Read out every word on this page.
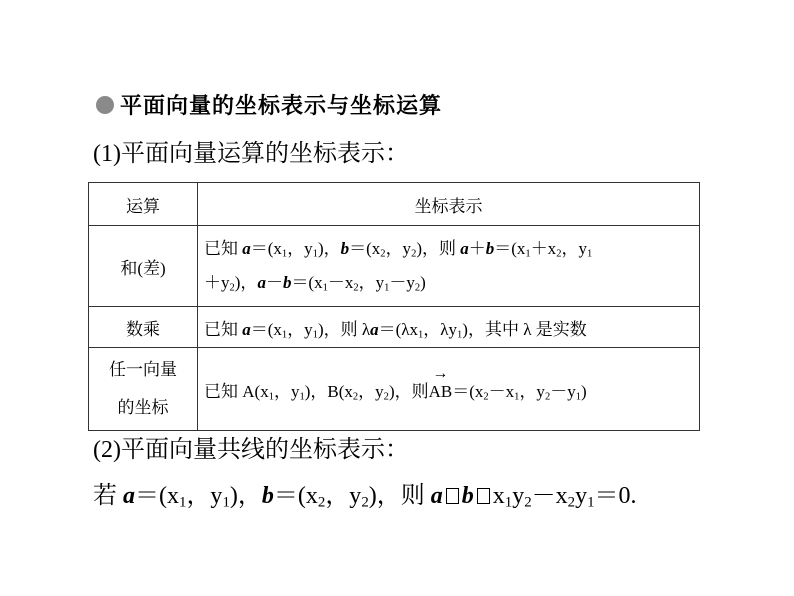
平面向量的坐标表示与坐标运算
(1)平面向量运算的坐标表示：
运算	坐标表示
和(差)	已知 $a=(x_1$，$y_1$)，$b=(x_2$，$y_2$)，则 $a+b=(x_1+x_2$，$y_1$
$+y_2$)，$a-b=(x_1-x_2$，$y_1-y_2$)

数乘	已知 $a=(x_1$，$y_1$)，则 $\lambda a=(\lambda x_1$，$\lambda y_1$)，其中 λ 是实数

任一向量
的坐标	已知 $A(x_1$，$y_1$)，$B(x_2$，$y_2$)，则→ $AB=(x_2-x_1$，$y_2-y_1$)
(2)平面向量共线的坐标表示：
若 $a=(x_1$，$y_1$)，$b=(x_2$，$y_2$)，则 a b $x_1y_2-x_2y_1=0$.
